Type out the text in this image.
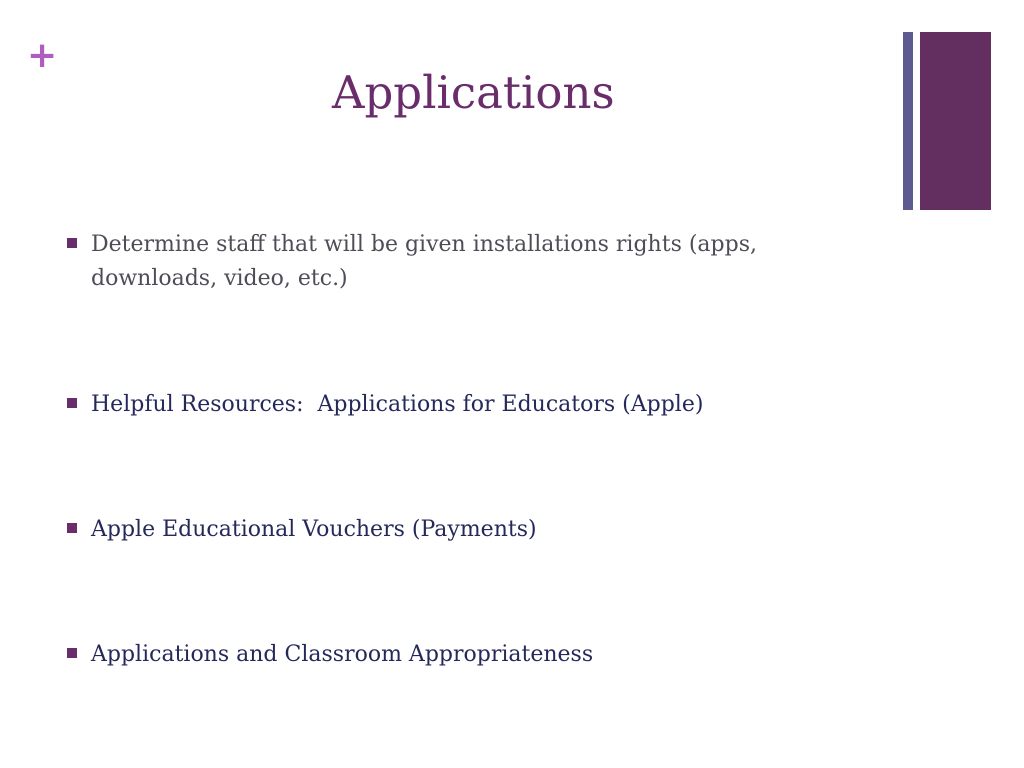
+
Applications
Determine staff that will be given installations rights (apps, downloads, video, etc.)
Helpful Resources:  Applications for Educators (Apple)
Apple Educational Vouchers (Payments)
Applications and Classroom Appropriateness
